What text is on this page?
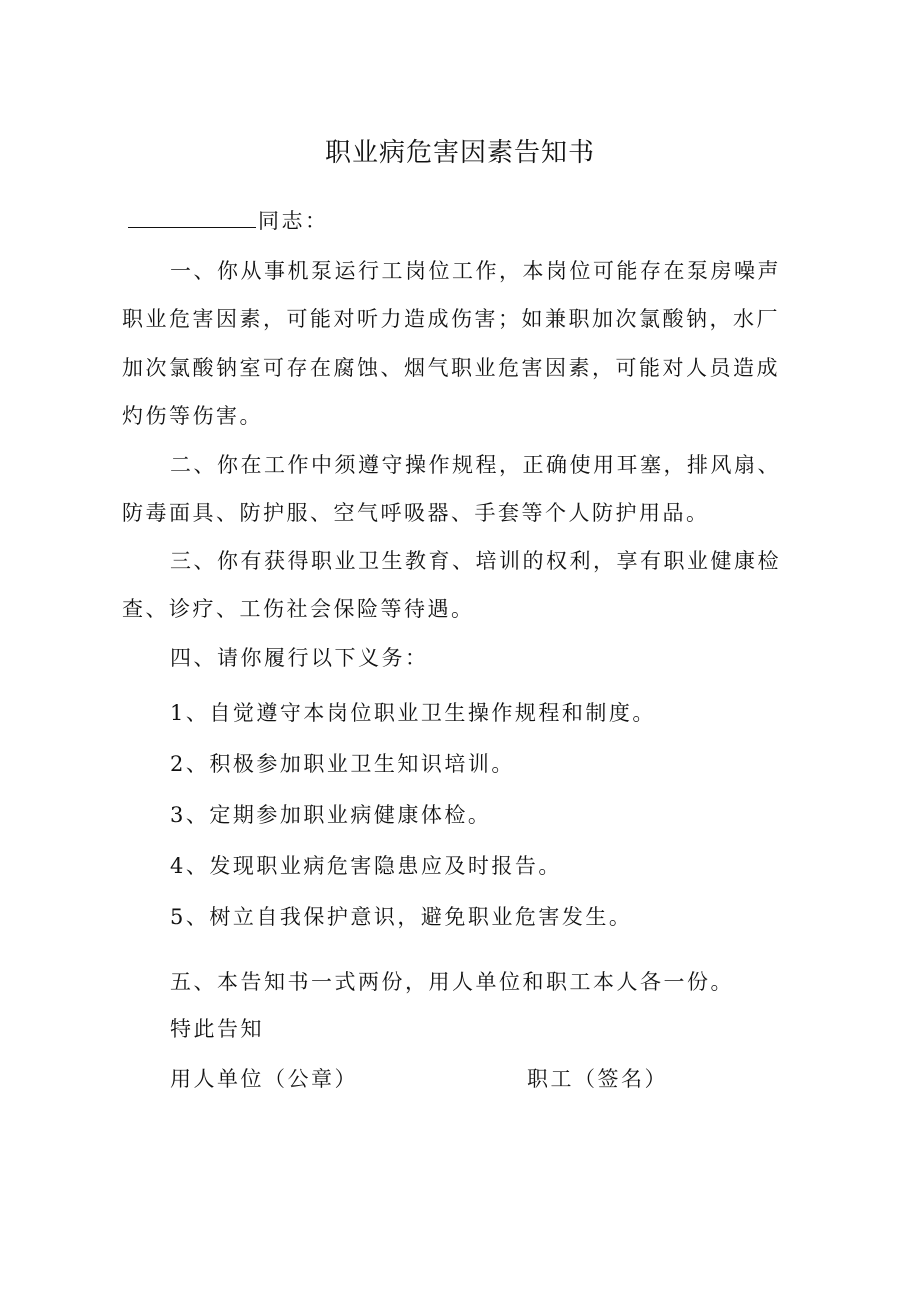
职业病危害因素告知书
同志：
一、你从事机泵运行工岗位工作，本岗位可能存在泵房噪声
职业危害因素，可能对听力造成伤害；如兼职加次氯酸钠，水厂
加次氯酸钠室可存在腐蚀、烟气职业危害因素，可能对人员造成
灼伤等伤害。
二、你在工作中须遵守操作规程，正确使用耳塞，排风扇、
防毒面具、防护服、空气呼吸器、手套等个人防护用品。
三、你有获得职业卫生教育、培训的权利，享有职业健康检
查、诊疗、工伤社会保险等待遇。
四、请你履行以下义务：
1、自觉遵守本岗位职业卫生操作规程和制度。
2、积极参加职业卫生知识培训。
3、定期参加职业病健康体检。
4、发现职业病危害隐患应及时报告。
5、树立自我保护意识，避免职业危害发生。
五、本告知书一式两份，用人单位和职工本人各一份。
特此告知
用人单位（公章）	职工（签名）
